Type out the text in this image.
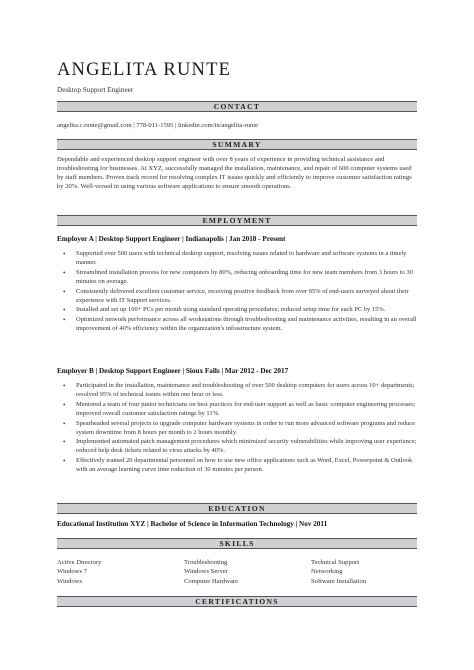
ANGELITA RUNTE
Desktop Support Engineer
CONTACT
angelita.c.runte@gmail.com | 778-011-1595 | linkedin.com/in/angelita-runte
SUMMARY
Dependable and experienced desktop support engineer with over 8 years of experience in providing technical assistance and troubleshooting for businesses. At XYZ, successfully managed the installation, maintenance, and repair of 600 computer systems used by staff members. Proven track record for resolving complex IT issues quickly and efficiently to improve customer satisfaction ratings by 20%. Well-versed in using various software applications to ensure smooth operations.
EMPLOYMENT
Employer A | Desktop Support Engineer | Indianapolis | Jan 2018 - Present
• Supported over 500 users with technical desktop support, resolving issues related to hardware and software systems in a timely manner.
• Streamlined installation process for new computers by 80%, reducing onboarding time for new team members from 3 hours to 30 minutes on average.
• Consistently delivered excellent customer service, receiving positive feedback from over 95% of end-users surveyed about their experience with IT Support services.
• Installed and set up 100+ PCs per month using standard operating procedures; reduced setup time for each PC by 15%.
• Optimized network performance across all workstations through troubleshooting and maintenance activities, resulting in an overall improvement of 40% efficiency within the organization's infrastructure system.
Employer B | Desktop Support Engineer | Sioux Falls | Mar 2012 - Dec 2017
• Participated in the installation, maintenance and troubleshooting of over 500 desktop computers for users across 10+ departments; resolved 95% of technical issues within one hour or less.
• Mentored a team of four junior technicians on best practices for end-user support as well as basic computer engineering processes; improved overall customer satisfaction ratings by 11%.
• Spearheaded several projects to upgrade computer hardware systems in order to run more advanced software programs and reduce system downtime from 8 hours per month to 2 hours monthly.
• Implemented automated patch management procedures which minimized security vulnerabilities while improving user experience; reduced help desk tickets related to virus attacks by 40%.
• Effectively trained 20 departmental personnel on how to use new office applications such as Word, Excel, Powerpoint & Outlook with an average learning curve time reduction of 30 minutes per person.
EDUCATION
Educational Institution XYZ | Bachelor of Science in Information Technology | Nov 2011
SKILLS
Active Directory	Troubleshooting	Technical Support
Windows 7	Windows Server	Networking
Windows	Computer Hardware	Software Installation
CERTIFICATIONS
